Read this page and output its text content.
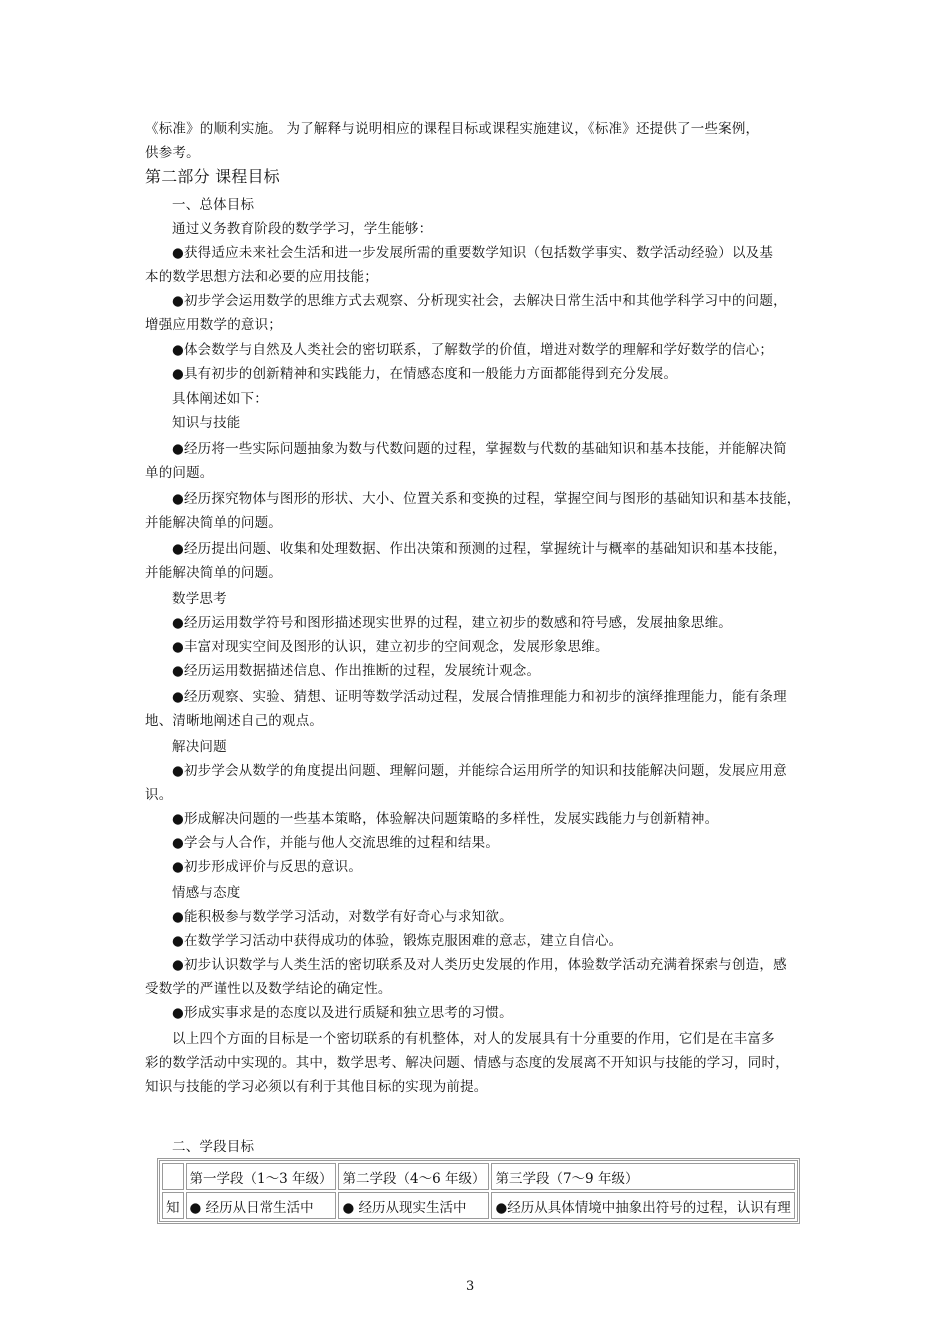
《标准》的顺利实施。 为了解释与说明相应的课程目标或课程实施建议，《标准》还提供了一些案例，
供参考。
第二部分 课程目标
一、总体目标
通过义务教育阶段的数学学习，学生能够：
●获得适应未来社会生活和进一步发展所需的重要数学知识（包括数学事实、数学活动经验）以及基
本的数学思想方法和必要的应用技能；
●初步学会运用数学的思维方式去观察、分析现实社会，去解决日常生活中和其他学科学习中的问题，
增强应用数学的意识；
●体会数学与自然及人类社会的密切联系，了解数学的价值，增进对数学的理解和学好数学的信心；
●具有初步的创新精神和实践能力，在情感态度和一般能力方面都能得到充分发展。
具体阐述如下：
知识与技能
●经历将一些实际问题抽象为数与代数问题的过程，掌握数与代数的基础知识和基本技能，并能解决简
单的问题。
●经历探究物体与图形的形状、大小、位置关系和变换的过程，掌握空间与图形的基础知识和基本技能，
并能解决简单的问题。
●经历提出问题、收集和处理数据、作出决策和预测的过程，掌握统计与概率的基础知识和基本技能，
并能解决简单的问题。
数学思考
●经历运用数学符号和图形描述现实世界的过程，建立初步的数感和符号感，发展抽象思维。
●丰富对现实空间及图形的认识，建立初步的空间观念，发展形象思维。
●经历运用数据描述信息、作出推断的过程，发展统计观念。
●经历观察、实验、猜想、证明等数学活动过程，发展合情推理能力和初步的演绎推理能力，能有条理
地、清晰地阐述自己的观点。
解决问题
●初步学会从数学的角度提出问题、理解问题，并能综合运用所学的知识和技能解决问题，发展应用意
识。
●形成解决问题的一些基本策略，体验解决问题策略的多样性，发展实践能力与创新精神。
●学会与人合作，并能与他人交流思维的过程和结果。
●初步形成评价与反思的意识。
情感与态度
●能积极参与数学学习活动，对数学有好奇心与求知欲。
●在数学学习活动中获得成功的体验，锻炼克服困难的意志，建立自信心。
●初步认识数学与人类生活的密切联系及对人类历史发展的作用，体验数学活动充满着探索与创造，感
受数学的严谨性以及数学结论的确定性。
●形成实事求是的态度以及进行质疑和独立思考的习惯。
以上四个方面的目标是一个密切联系的有机整体，对人的发展具有十分重要的作用，它们是在丰富多
彩的数学活动中实现的。其中，数学思考、解决问题、情感与态度的发展离不开知识与技能的学习，同时，
知识与技能的学习必须以有利于其他目标的实现为前提。
二、学段目标
	第一学段（1～3 年级）	第二学段（4～6 年级）	第三学段（7～9 年级）
知	● 经历从日常生活中	● 经历从现实生活中	●经历从具体情境中抽象出符号的过程，认识有理
3
